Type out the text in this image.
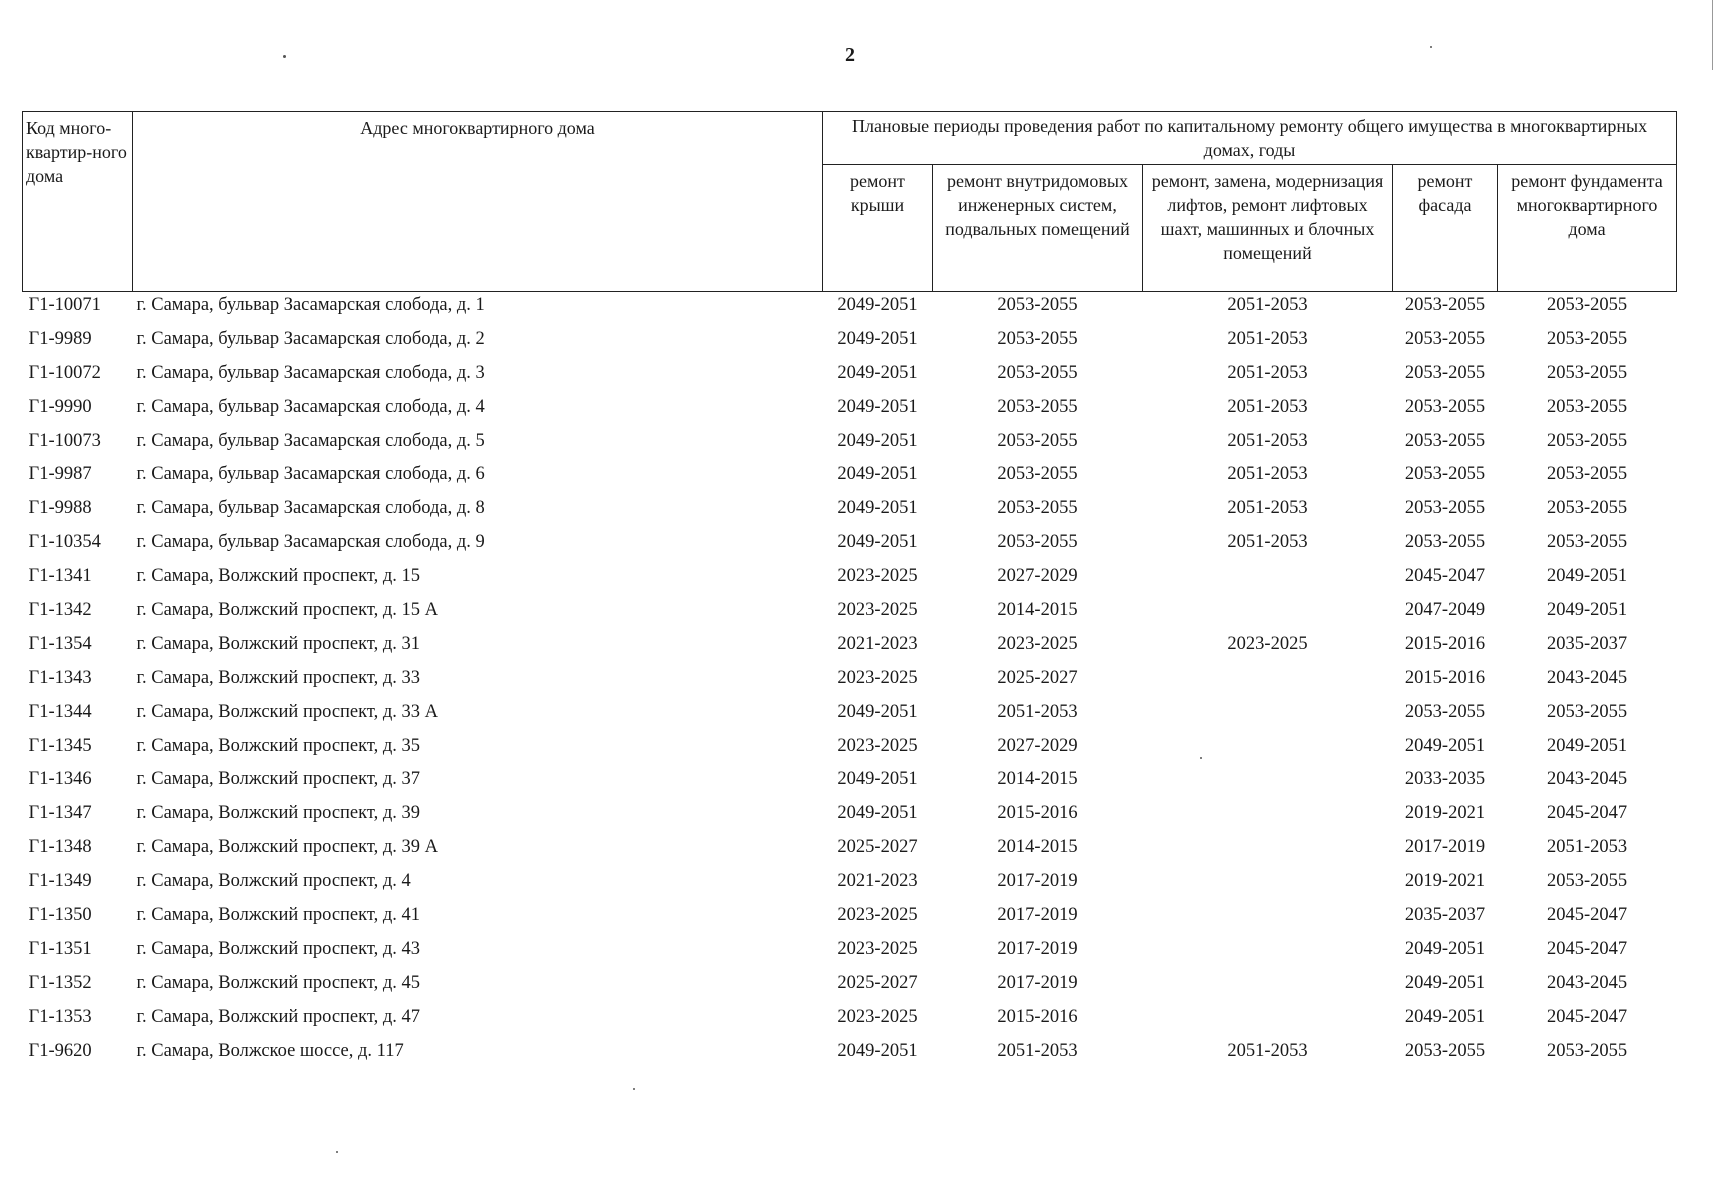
2
Код много-квартир-ного дома	Адрес многоквартирного дома	Плановые периоды проведения работ по капитальному ремонту общего имущества в многоквартирных домах, годы				
		ремонт крыши	ремонт внутридомовых инженерных систем, подвальных помещений	ремонт, замена, модернизация лифтов, ремонт лифтовых шахт, машинных и блочных помещений	ремонт фасада	ремонт фундамента многоквартирного дома
Г1-10071	г. Самара, бульвар Засамарская слобода, д. 1	2049-2051	2053-2055	2051-2053	2053-2055	2053-2055
Г1-9989	г. Самара, бульвар Засамарская слобода, д. 2	2049-2051	2053-2055	2051-2053	2053-2055	2053-2055
Г1-10072	г. Самара, бульвар Засамарская слобода, д. 3	2049-2051	2053-2055	2051-2053	2053-2055	2053-2055
Г1-9990	г. Самара, бульвар Засамарская слобода, д. 4	2049-2051	2053-2055	2051-2053	2053-2055	2053-2055
Г1-10073	г. Самара, бульвар Засамарская слобода, д. 5	2049-2051	2053-2055	2051-2053	2053-2055	2053-2055
Г1-9987	г. Самара, бульвар Засамарская слобода, д. 6	2049-2051	2053-2055	2051-2053	2053-2055	2053-2055
Г1-9988	г. Самара, бульвар Засамарская слобода, д. 8	2049-2051	2053-2055	2051-2053	2053-2055	2053-2055
Г1-10354	г. Самара, бульвар Засамарская слобода, д. 9	2049-2051	2053-2055	2051-2053	2053-2055	2053-2055
Г1-1341	г. Самара, Волжский проспект, д. 15	2023-2025	2027-2029		2045-2047	2049-2051
Г1-1342	г. Самара, Волжский проспект, д. 15 А	2023-2025	2014-2015		2047-2049	2049-2051
Г1-1354	г. Самара, Волжский проспект, д. 31	2021-2023	2023-2025	2023-2025	2015-2016	2035-2037
Г1-1343	г. Самара, Волжский проспект, д. 33	2023-2025	2025-2027		2015-2016	2043-2045
Г1-1344	г. Самара, Волжский проспект, д. 33 А	2049-2051	2051-2053		2053-2055	2053-2055
Г1-1345	г. Самара, Волжский проспект, д. 35	2023-2025	2027-2029		2049-2051	2049-2051
Г1-1346	г. Самара, Волжский проспект, д. 37	2049-2051	2014-2015		2033-2035	2043-2045
Г1-1347	г. Самара, Волжский проспект, д. 39	2049-2051	2015-2016		2019-2021	2045-2047
Г1-1348	г. Самара, Волжский проспект, д. 39 А	2025-2027	2014-2015		2017-2019	2051-2053
Г1-1349	г. Самара, Волжский проспект, д. 4	2021-2023	2017-2019		2019-2021	2053-2055
Г1-1350	г. Самара, Волжский проспект, д. 41	2023-2025	2017-2019		2035-2037	2045-2047
Г1-1351	г. Самара, Волжский проспект, д. 43	2023-2025	2017-2019		2049-2051	2045-2047
Г1-1352	г. Самара, Волжский проспект, д. 45	2025-2027	2017-2019		2049-2051	2043-2045
Г1-1353	г. Самара, Волжский проспект, д. 47	2023-2025	2015-2016		2049-2051	2045-2047
Г1-9620	г. Самара, Волжское шоссе, д. 117	2049-2051	2051-2053	2051-2053	2053-2055	2053-2055
